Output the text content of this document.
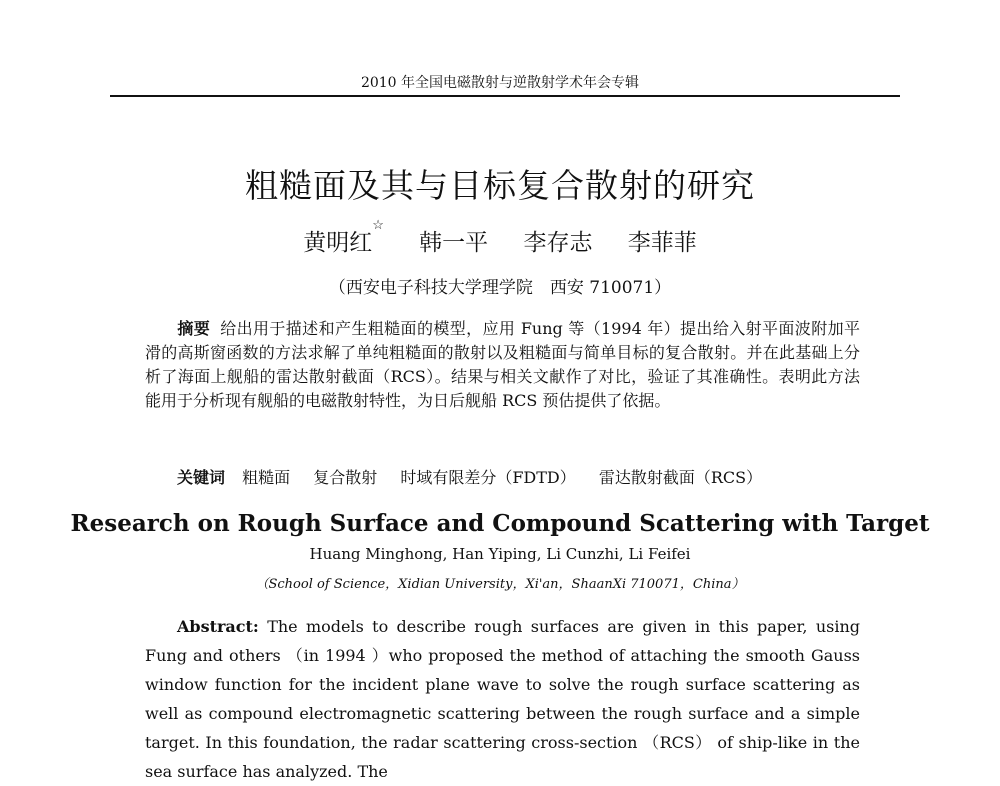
2010 年全国电磁散射与逆散射学术年会专辑
粗糙面及其与目标复合散射的研究
黄明红☆ 韩一平 李存志 李菲菲
（西安电子科技大学理学院　西安 710071）
摘要 给出用于描述和产生粗糙面的模型，应用 Fung 等（1994 年）提出给入射平面波附加平滑的高斯窗函数的方法求解了单纯粗糙面的散射以及粗糙面与简单目标的复合散射。并在此基础上分析了海面上舰船的雷达散射截面（RCS）。结果与相关文献作了对比，验证了其准确性。表明此方法能用于分析现有舰船的电磁散射特性，为日后舰船 RCS 预估提供了依据。
关键词 粗糙面 复合散射 时域有限差分（FDTD） 雷达散射截面（RCS）
Research on Rough Surface and Compound Scattering with Target
Huang Minghong, Han Yiping, Li Cunzhi, Li Feifei
（School of Science，Xidian University，Xi'an，ShaanXi 710071，China）
Abstract: The models to describe rough surfaces are given in this paper, using Fung and others （in 1994 ）who proposed the method of attaching the smooth Gauss window function for the incident plane wave to solve the rough surface scattering as well as compound electromagnetic scattering between the rough surface and a simple target. In this foundation, the radar scattering cross-section （RCS） of ship-like in the sea surface has analyzed. The
